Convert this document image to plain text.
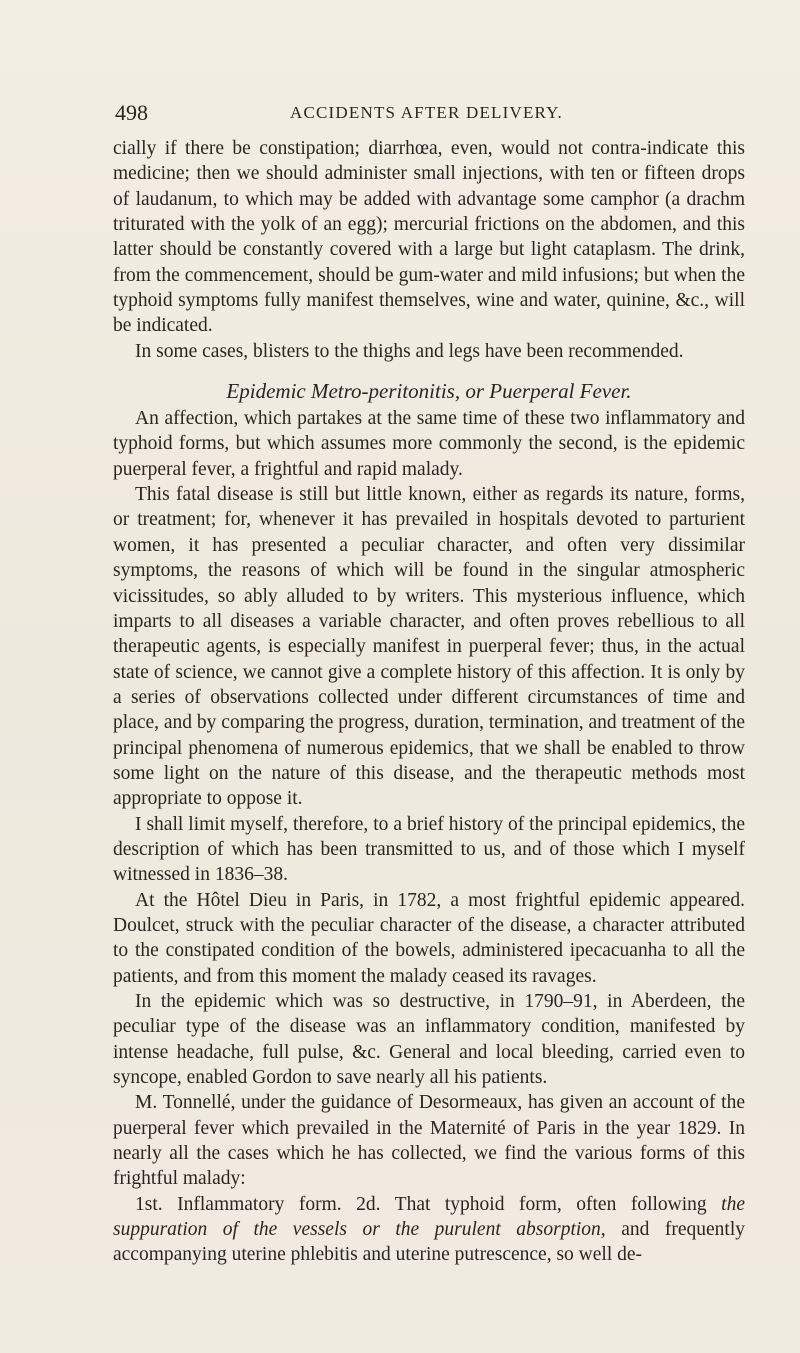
498	ACCIDENTS AFTER DELIVERY.

cially if there be constipation; diarrhœa, even, would not contra-indicate this medicine; then we should administer small injections, with ten or fifteen drops of laudanum, to which may be added with advantage some camphor (a drachm triturated with the yolk of an egg); mercurial frictions on the abdomen, and this latter should be constantly covered with a large but light cataplasm. The drink, from the commencement, should be gum-water and mild infusions; but when the typhoid symptoms fully manifest themselves, wine and water, quinine, &c., will be indicated.

In some cases, blisters to the thighs and legs have been recommended.

Epidemic Metro-peritonitis, or Puerperal Fever.

An affection, which partakes at the same time of these two inflammatory and typhoid forms, but which assumes more commonly the second, is the epidemic puerperal fever, a frightful and rapid malady.

This fatal disease is still but little known, either as regards its nature, forms, or treatment; for, whenever it has prevailed in hospitals devoted to parturient women, it has presented a peculiar character, and often very dissimilar symptoms, the reasons of which will be found in the singular atmospheric vicissitudes, so ably alluded to by writers. This mysterious influence, which imparts to all diseases a variable character, and often proves rebellious to all therapeutic agents, is especially manifest in puerperal fever; thus, in the actual state of science, we cannot give a complete history of this affection. It is only by a series of observations collected under different circumstances of time and place, and by comparing the progress, duration, termination, and treatment of the principal phenomena of numerous epidemics, that we shall be enabled to throw some light on the nature of this disease, and the therapeutic methods most appropriate to oppose it.

I shall limit myself, therefore, to a brief history of the principal epidemics, the description of which has been transmitted to us, and of those which I myself witnessed in 1836–38.

At the Hôtel Dieu in Paris, in 1782, a most frightful epidemic appeared. Doulcet, struck with the peculiar character of the disease, a character attributed to the constipated condition of the bowels, administered ipecacuanha to all the patients, and from this moment the malady ceased its ravages.

In the epidemic which was so destructive, in 1790–91, in Aberdeen, the peculiar type of the disease was an inflammatory condition, manifested by intense headache, full pulse, &c. General and local bleeding, carried even to syncope, enabled Gordon to save nearly all his patients.

M. Tonnellé, under the guidance of Desormeaux, has given an account of the puerperal fever which prevailed in the Maternité of Paris in the year 1829. In nearly all the cases which he has collected, we find the various forms of this frightful malady:

1st. Inflammatory form. 2d. That typhoid form, often following the suppuration of the vessels or the purulent absorption, and frequently accompanying uterine phlebitis and uterine putrescence, so well de-
